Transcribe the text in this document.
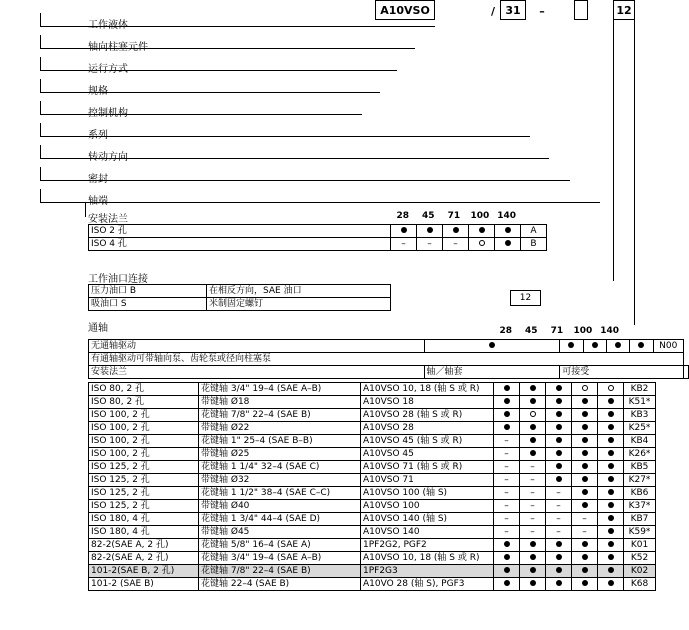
A10VSO	/ 31	–	12
工作液体
轴向柱塞元件
运行方式
规格
控制机构
系列
转动方向
密封
轴端
安装法兰	28	45	71	100	140
ISO 2 孔						A
ISO 4 孔	–	–	–			B
工作油口连接
压力油口 B	在相反方向，SAE 油口
吸油口 S	米制固定螺钉
12
通轴	28	45	71	100	140
无通轴驱动						N00	
有通轴驱动可带轴向泵、齿轮泵或径向柱塞泵							
安装法兰	轴／轴套	可接受					
ISO 80, 2 孔	花键轴 3/4" 19–4 (SAE A–B)	A10VSO 10, 18 (轴 S 或 R)						KB2
ISO 80, 2 孔	带键轴 Ø18	A10VSO 18						K51*
ISO 100, 2 孔	花键轴 7/8" 22–4 (SAE B)	A10VSO 28 (轴 S 或 R)						KB3
ISO 100, 2 孔	带键轴 Ø22	A10VSO 28						K25*
ISO 100, 2 孔	花键轴 1" 25–4 (SAE B–B)	A10VSO 45 (轴 S 或 R)	–					KB4
ISO 100, 2 孔	带键轴 Ø25	A10VSO 45	–					K26*
ISO 125, 2 孔	花键轴 1 1/4" 32–4 (SAE C)	A10VSO 71 (轴 S 或 R)	–	–				KB5
ISO 125, 2 孔	带键轴 Ø32	A10VSO 71	–	–				K27*
ISO 125, 2 孔	花键轴 1 1/2" 38–4 (SAE C–C)	A10VSO 100 (轴 S)	–	–	–			KB6
ISO 125, 2 孔	带键轴 Ø40	A10VSO 100	–	–	–			K37*
ISO 180, 4 孔	花键轴 1 3/4" 44–4 (SAE D)	A10VSO 140 (轴 S)	–	–	–	–		KB7
ISO 180, 4 孔	带键轴 Ø45	A10VSO 140	–	–	–	–		K59*
82-2(SAE A, 2 孔)	花键轴 5/8" 16–4 (SAE A)	1PF2G2, PGF2						K01
82-2(SAE A, 2 孔)	花键轴 3/4" 19–4 (SAE A–B)	A10VSO 10, 18 (轴 S 或 R)						K52
101-2(SAE B, 2 孔)	花键轴 7/8" 22–4 (SAE B)	1PF2G3						K02
101-2 (SAE B)	花键轴 22–4 (SAE B)	A10VO 28 (轴 S), PGF3						K68
